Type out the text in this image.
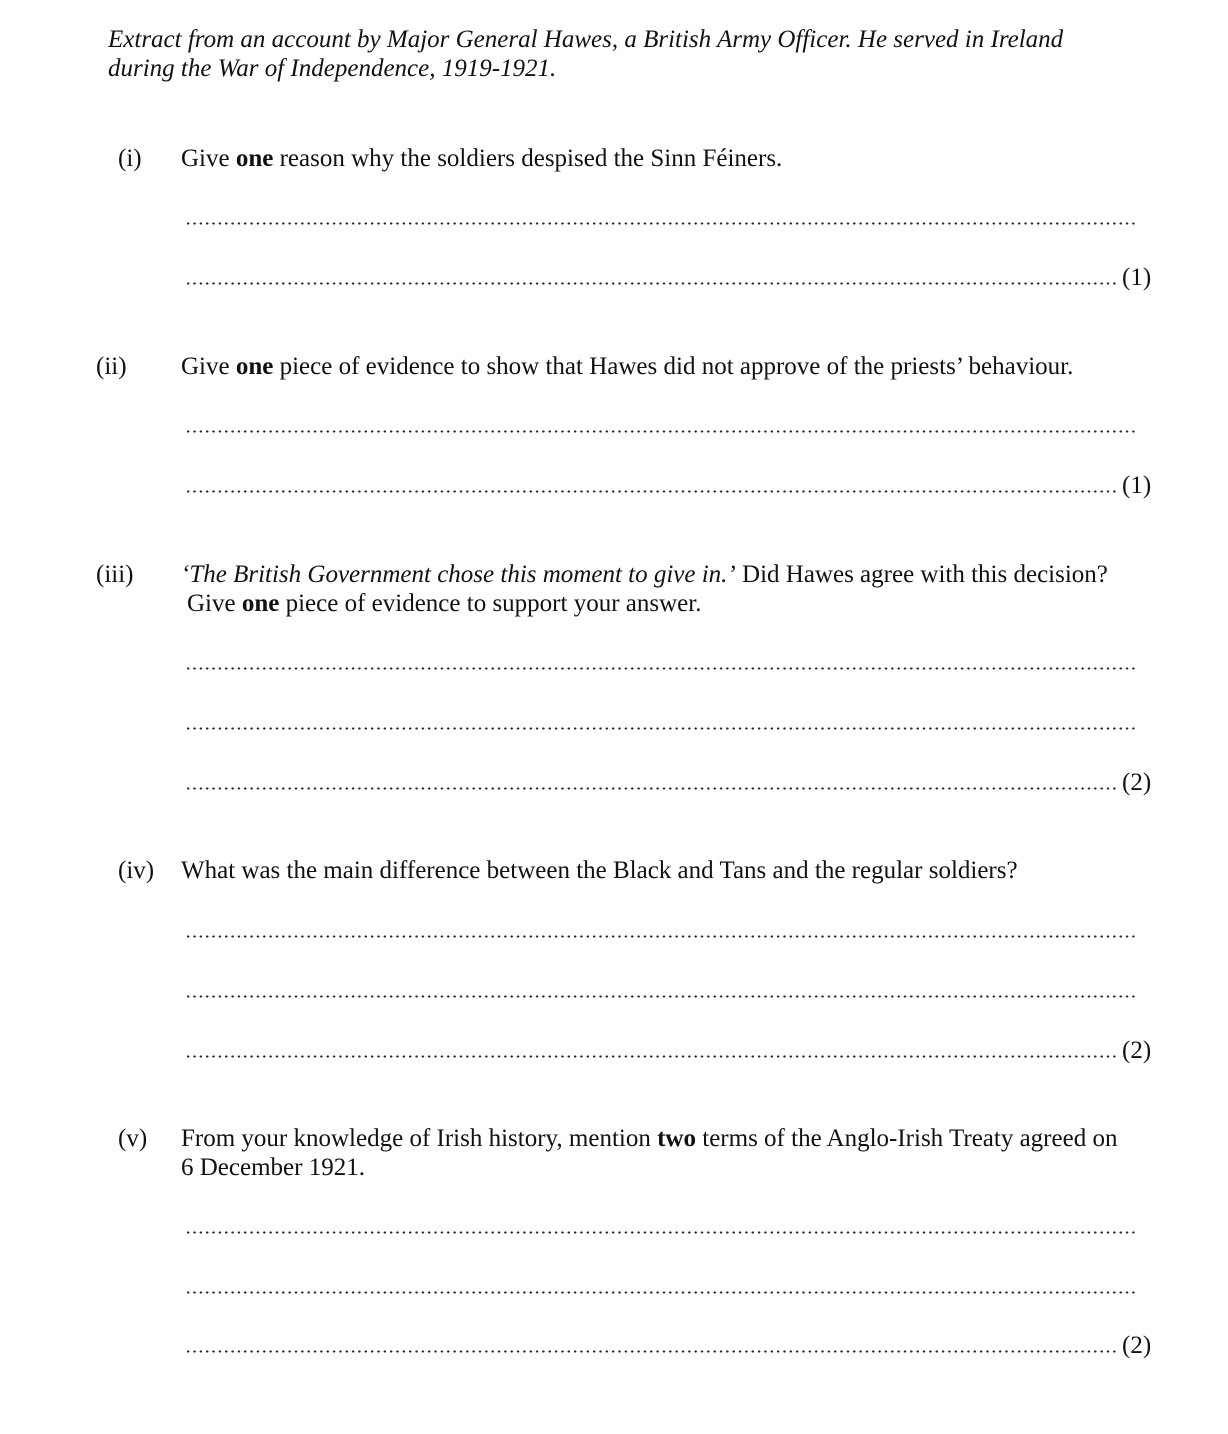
Extract from an account by Major General Hawes, a British Army Officer. He served in Ireland
during the War of Independence, 1919-1921.
(i) Give one reason why the soldiers despised the Sinn Féiners.
(1)
(ii) Give one piece of evidence to show that Hawes did not approve of the priests’ behaviour.
(1)
(iii) ‘The British Government chose this moment to give in.’ Did Hawes agree with this decision?
Give one piece of evidence to support your answer.
(2)
(iv) What was the main difference between the Black and Tans and the regular soldiers?
(2)
(v) From your knowledge of Irish history, mention two terms of the Anglo-Irish Treaty agreed on
6 December 1921.
(2)
